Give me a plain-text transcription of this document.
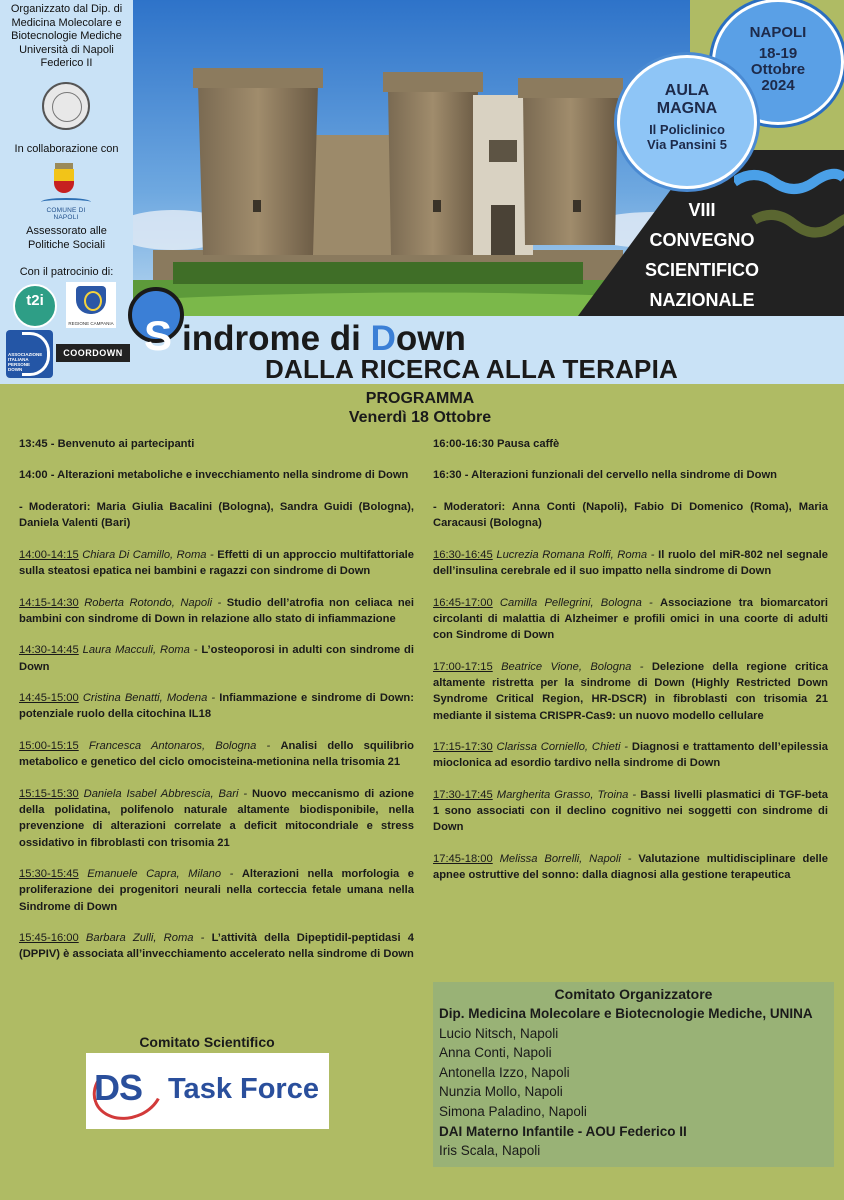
Organizzato dal Dip. di
Medicina Molecolare e
Biotecnologie Mediche
Università di Napoli
Federico II
In collaborazione con
COMUNE DI NAPOLI
Assessorato alle
Politiche Sociali
Con il patrocinio di:
t2i
REGIONE CAMPANIA
ASSOCIAZIONE ITALIANA PERSONE DOWN
COORDOWN
NAPOLI
18-19
Ottobre
2024
AULA
MAGNA
Il Policlinico
Via Pansini 5
VIII
CONVEGNO
SCIENTIFICO
NAZIONALE
S indrome di Down
DALLA RICERCA ALLA TERAPIA
PROGRAMMA
Venerdì 18 Ottobre
13:45 - Benvenuto ai partecipanti
14:00 - Alterazioni metaboliche e invecchiamento nella sindrome di Down
- Moderatori: Maria Giulia Bacalini (Bologna), Sandra Guidi (Bologna), Daniela Valenti (Bari)
14:00-14:15 Chiara Di Camillo, Roma - Effetti di un approccio multifattoriale sulla steatosi epatica nei bambini e ragazzi con sindrome di Down
14:15-14:30 Roberta Rotondo, Napoli - Studio dell’atrofia non celiaca nei bambini con sindrome di Down in relazione allo stato di infiammazione
14:30-14:45 Laura Macculi, Roma - L’osteoporosi in adulti con sindrome di Down
14:45-15:00 Cristina Benatti, Modena - Infiammazione e sindrome di Down: potenziale ruolo della citochina IL18
15:00-15:15 Francesca Antonaros, Bologna - Analisi dello squilibrio metabolico e genetico del ciclo omocisteina-metionina nella trisomia 21
15:15-15:30 Daniela Isabel Abbrescia, Bari - Nuovo meccanismo di azione della polidatina, polifenolo naturale altamente biodisponibile, nella prevenzione di alterazioni correlate a deficit mitocondriale e stress ossidativo in fibroblasti con trisomia 21
15:30-15:45 Emanuele Capra, Milano - Alterazioni nella morfologia e proliferazione dei progenitori neurali nella corteccia fetale umana nella Sindrome di Down
15:45-16:00 Barbara Zulli, Roma - L’attività della Dipeptidil-peptidasi 4 (DPPIV) è associata all’invecchiamento accelerato nella sindrome di Down
16:00-16:30 Pausa caffè
16:30 - Alterazioni funzionali del cervello nella sindrome di Down
- Moderatori: Anna Conti (Napoli), Fabio Di Domenico (Roma), Maria Caracausi (Bologna)
16:30-16:45 Lucrezia Romana Rolfi, Roma - Il ruolo del miR-802 nel segnale dell’insulina cerebrale ed il suo impatto nella sindrome di Down
16:45-17:00 Camilla Pellegrini, Bologna - Associazione tra biomarcatori circolanti di malattia di Alzheimer e profili omici in una coorte di adulti con Sindrome di Down
17:00-17:15 Beatrice Vione, Bologna - Delezione della regione critica altamente ristretta per la sindrome di Down (Highly Restricted Down Syndrome Critical Region, HR-DSCR) in fibroblasti con trisomia 21 mediante il sistema CRISPR-Cas9: un nuovo modello cellulare
17:15-17:30 Clarissa Corniello, Chieti - Diagnosi e trattamento dell’epilessia mioclonica ad esordio tardivo nella sindrome di Down
17:30-17:45 Margherita Grasso, Troina - Bassi livelli plasmatici di TGF-beta 1 sono associati con il declino cognitivo nei soggetti con sindrome di Down
17:45-18:00 Melissa Borrelli, Napoli - Valutazione multidisciplinare delle apnee ostruttive del sonno: dalla diagnosi alla gestione terapeutica
Comitato Scientifico
DS Task Force
Comitato Organizzatore
Dip. Medicina Molecolare e Biotecnologie Mediche, UNINA
Lucio Nitsch, Napoli
Anna Conti, Napoli
Antonella Izzo, Napoli
Nunzia Mollo, Napoli
Simona Paladino, Napoli
DAI Materno Infantile - AOU Federico II
Iris Scala, Napoli
